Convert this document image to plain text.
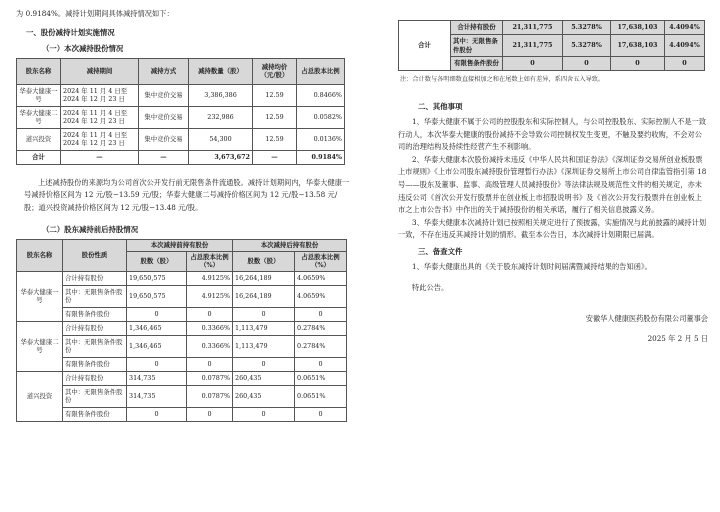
为 0.9184%。减持计划期间具体减持情况如下：

一、股份减持计划实施情况

（一）本次减持股份情况

股东名称	减持期间	减持方式	减持数量（股）	减持均价（元/股）	占总股本比例
华泰大健康一号	2024 年 11 月 4 日至 2024 年 12 月 23 日	集中竞价交易	3,386,386	12.59	0.8466%
华泰大健康二号	2024 年 11 月 4 日至 2024 年 12 月 23 日	集中竞价交易	232,986	12.59	0.0582%
道兴投资	2024 年 11 月 4 日至 2024 年 12 月 23 日	集中竞价交易	54,300	12.59	0.0136%
合计	—	—	3,673,672	—	0.9184%

上述减持股份的来源均为公司首次公开发行前无限售条件流通股。减持计划期间内，华泰大健康一号减持价格区间为 12 元/股−13.59 元/股；华泰大健康二号减持价格区间为 12 元/股−13.58 元/股；道兴投资减持价格区间为 12 元/股−13.48 元/股。

（二）股东减持前后持股情况

股东名称	股份性质	本次减持前持有股份		本次减持后持有股份	
		股数（股）	占总股本比例（%）	股数（股）	占总股本比例（%）
华泰大健康一号	合计持有股份	19,650,575	4.9125%	16,264,189	4.0659%
	其中：无限售条件股份	19,650,575	4.9125%	16,264,189	4.0659%
	有限售条件股份	0	0	0	0
华泰大健康二号	合计持有股份	1,346,465	0.3366%	1,113,479	0.2784%
	其中：无限售条件股份	1,346,465	0.3366%	1,113,479	0.2784%
	有限售条件股份	0	0	0	0
道兴投资	合计持有股份	314,735	0.0787%	260,435	0.0651%
	其中：无限售条件股份	314,735	0.0787%	260,435	0.0651%
	有限售条件股份	0	0	0	0
合计	合计持有股份	21,311,775	5.3278%	17,638,103	4.4094%
	其中：无限售条件股份	21,311,775	5.3278%	17,638,103	4.4094%
	有限售条件股份	0	0	0	0

注：合计数与各明细数直接相加之和在尾数上如有差异，系四舍五入导致。

二、其他事项

1、华泰大健康不属于公司的控股股东和实际控制人，与公司控股股东、实际控制人不是一致行动人，本次华泰大健康的股份减持不会导致公司控制权发生变更，不触及要约收购，不会对公司的治理结构及持续性经营产生不利影响。

2、华泰大健康本次股份减持未违反《中华人民共和国证券法》《深圳证券交易所创业板股票上市规则》《上市公司股东减持股份管理暂行办法》《深圳证券交易所上市公司自律监管指引第 18 号——股东及董事、监事、高级管理人员减持股份》等法律法规及规范性文件的相关规定，亦未违反公司《首次公开发行股票并在创业板上市招股说明书》及《首次公开发行股票并在创业板上市之上市公告书》中作出的关于减持股份的相关承诺，履行了相关信息披露义务。

3、华泰大健康本次减持计划已按照相关规定进行了预披露，实施情况与此前披露的减持计划一致，不存在违反其减持计划的情形。截至本公告日，本次减持计划期限已届满。

三、备查文件

1、华泰大健康出具的《关于股东减持计划时间届满暨减持结果的告知函》。

特此公告。

安徽华人健康医药股份有限公司董事会

2025 年 2 月 5 日
